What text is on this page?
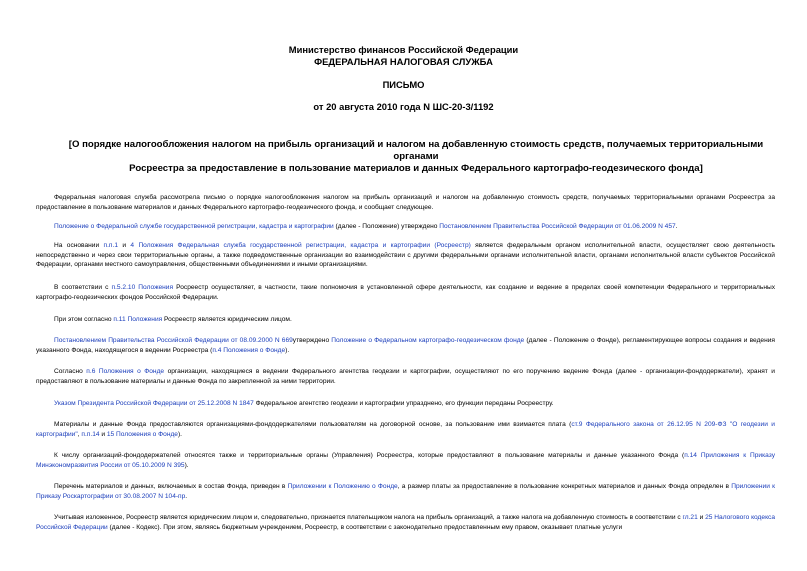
Министерство финансов Российской Федерации
ФЕДЕРАЛЬНАЯ НАЛОГОВАЯ СЛУЖБА
ПИСЬМО
от 20 августа 2010 года N ШС-20-3/1192
[О порядке налогообложения налогом на прибыль организаций и налогом на добавленную стоимость средств, получаемых территориальными органами
Росреестра за предоставление в пользование материалов и данных Федерального картографо-геодезического фонда]
Федеральная налоговая служба рассмотрела письмо о порядке налогообложения налогом на прибыль организаций и налогом на добавленную стоимость средств, получаемых территориальными органами Росреестра за предоставление в пользование материалов и данных Федерального картографо-геодезического фонда, и сообщает следующее.
Положение о Федеральной службе государственной регистрации, кадастра и картографии (далее - Положение) утверждено Постановлением Правительства Российской Федерации от 01.06.2009 N 457.
На основании п.п.1 и 4 Положения Федеральная служба государственной регистрации, кадастра и картографии (Росреестр) является федеральным органом исполнительной власти, осуществляет свою деятельность непосредственно и через свои территориальные органы, а также подведомственные организации во взаимодействии с другими федеральными органами исполнительной власти, органами исполнительной власти субъектов Российской Федерации, органами местного самоуправления, общественными объединениями и иными организациями.
В соответствии с п.5.2.10 Положения Росреестр осуществляет, в частности, такие полномочия в установленной сфере деятельности, как создание и ведение в пределах своей компетенции Федерального и территориальных картографо-геодезических фондов Российской Федерации.
При этом согласно п.11 Положения Росреестр является юридическим лицом.
Постановлением Правительства Российской Федерации от 08.09.2000 N 669утверждено Положение о Федеральном картографо-геодезическом фонде (далее - Положение о Фонде), регламентирующее вопросы создания и ведения указанного Фонда, находящегося в ведении Росреестра (п.4 Положения о Фонде).
Согласно п.6 Положения о Фонде организации, находящиеся в ведении Федерального агентства геодезии и картографии, осуществляют по его поручению ведение Фонда (далее - организации-фондодержатели), хранят и предоставляют в пользование материалы и данные Фонда по закрепленной за ними территории.
Указом Президента Российской Федерации от 25.12.2008 N 1847 Федеральное агентство геодезии и картографии упразднено, его функции переданы Росреестру.
Материалы и данные Фонда предоставляются организациями-фондодержателями пользователям на договорной основе, за пользование ими взимается плата (ст.9 Федерального закона от 26.12.95 N 209-ФЗ "О геодезии и картографии", п.п.14 и 15 Положения о Фонде).
К числу организаций-фондодержателей относятся также и территориальные органы (Управления) Росреестра, которые предоставляют в пользование материалы и данные указанного Фонда (п.14 Приложения к Приказу Минэкономразвития России от 05.10.2009 N 395).
Перечень материалов и данных, включаемых в состав Фонда, приведен в Приложении к Положению о Фонде, а размер платы за предоставление в пользование конкретных материалов и данных Фонда определен в Приложении к Приказу Роскартографии от 30.08.2007 N 104-пр.
Учитывая изложенное, Росреестр является юридическим лицом и, следовательно, признается плательщиком налога на прибыль организаций, а также налога на добавленную стоимость в соответствии с гл.21 и 25 Налогового кодекса Российской Федерации (далее - Кодекс). При этом, являясь бюджетным учреждением, Росреестр, в соответствии с законодательно предоставленным ему правом, оказывает платные услуги
